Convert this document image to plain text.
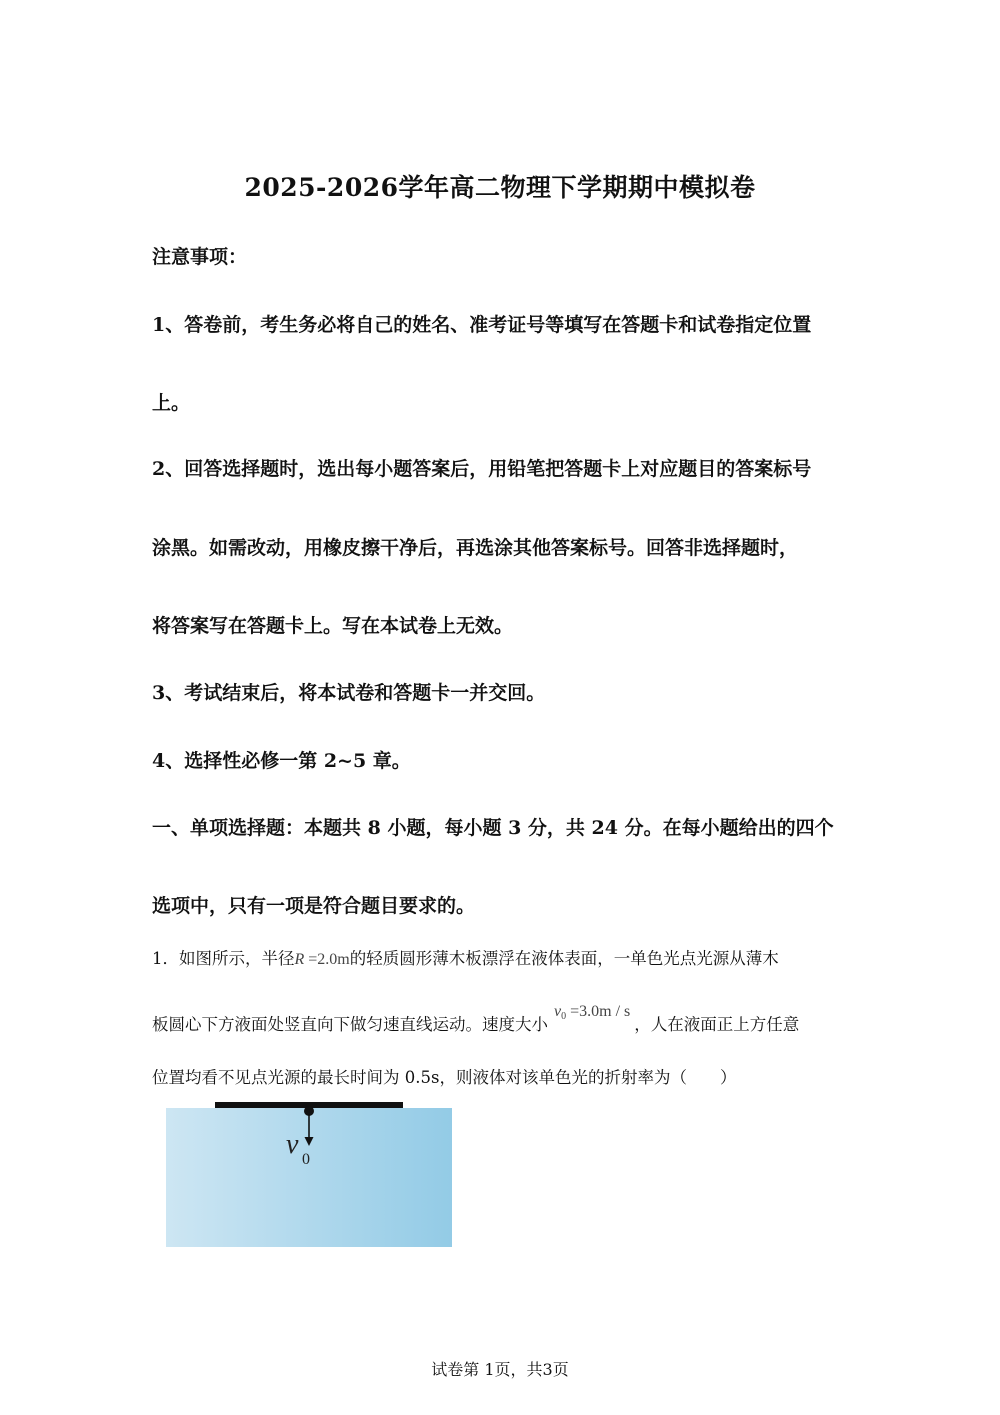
2025-2026学年高二物理下学期期中模拟卷
注意事项：
1、答卷前，考生务必将自己的姓名、准考证号等填写在答题卡和试卷指定位置
上。
2、回答选择题时，选出每小题答案后，用铅笔把答题卡上对应题目的答案标号
涂黑。如需改动，用橡皮擦干净后，再选涂其他答案标号。回答非选择题时，
将答案写在答题卡上。写在本试卷上无效。
3、考试结束后，将本试卷和答题卡一并交回。
4、选择性必修一第 2~5 章。
一、单项选择题：本题共 8 小题，每小题 3 分，共 24 分。在每小题给出的四个
选项中，只有一项是符合题目要求的。
1．如图所示，半径R =2.0m的轻质圆形薄木板漂浮在液体表面，一单色光点光源从薄木
板圆心下方液面处竖直向下做匀速直线运动。速度大小$v_0 =3.0m / s$，人在液面正上方任意
位置均看不见点光源的最长时间为 0.5s，则液体对该单色光的折射率为（　　）
v 0
试卷第 1页，共3页
